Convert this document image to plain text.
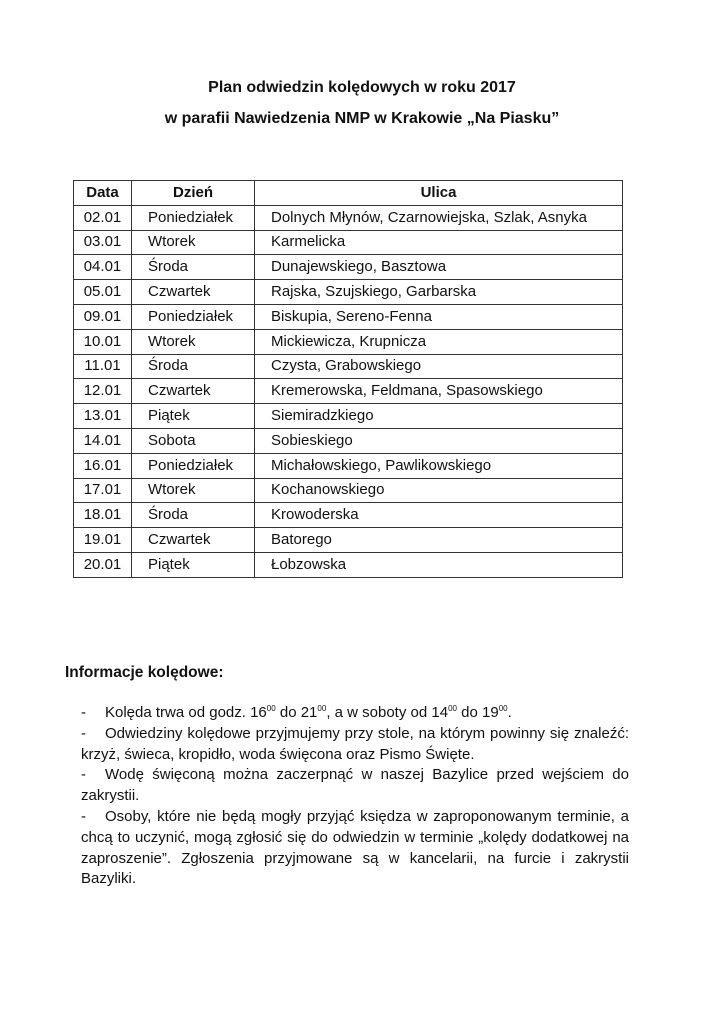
Plan odwiedzin kolędowych w roku 2017
w parafii Nawiedzenia NMP w Krakowie „Na Piasku”
Data	Dzień	Ulica
02.01	Poniedziałek	Dolnych Młynów, Czarnowiejska, Szlak, Asnyka
03.01	Wtorek	Karmelicka
04.01	Środa	Dunajewskiego, Basztowa
05.01	Czwartek	Rajska, Szujskiego, Garbarska
09.01	Poniedziałek	Biskupia, Sereno-Fenna
10.01	Wtorek	Mickiewicza, Krupnicza
11.01	Środa	Czysta, Grabowskiego
12.01	Czwartek	Kremerowska, Feldmana, Spasowskiego
13.01	Piątek	Siemiradzkiego
14.01	Sobota	Sobieskiego
16.01	Poniedziałek	Michałowskiego, Pawlikowskiego
17.01	Wtorek	Kochanowskiego
18.01	Środa	Krowoderska
19.01	Czwartek	Batorego
20.01	Piątek	Łobzowska
Informacje kolędowe:

- Kolęda trwa od godz. $16^{00}$ do $21^{00}$, a w soboty od $14^{00}$ do $19^{00}$.

- Odwiedziny kolędowe przyjmujemy przy stole, na którym powinny się znaleźć: krzyż, świeca, kropidło, woda święcona oraz Pismo Święte.

- Wodę święconą można zaczerpnąć w naszej Bazylice przed wejściem do zakrystii.

- Osoby, które nie będą mogły przyjąć księdza w zaproponowanym terminie, a chcą to uczynić, mogą zgłosić się do odwiedzin w terminie „kolędy dodatkowej na zaproszenie”. Zgłoszenia przyjmowane są w kancelarii, na furcie i zakrystii Bazyliki.
